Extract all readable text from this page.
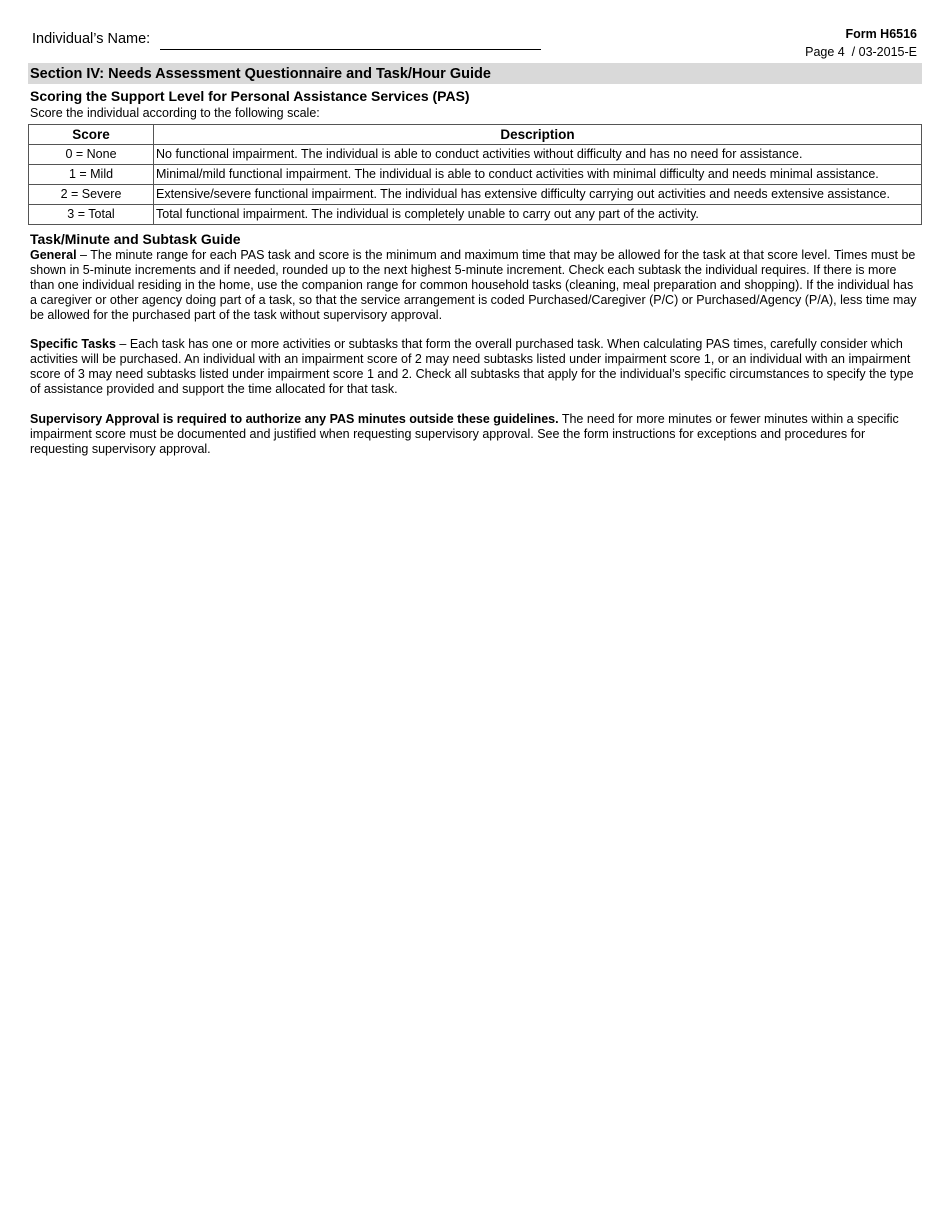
Individual’s Name:	Form H6516
Page 4  / 03-2015-E
Section IV: Needs Assessment Questionnaire and Task/Hour Guide
Scoring the Support Level for Personal Assistance Services (PAS)
Score the individual according to the following scale:
Score	Description
0 = None	No functional impairment. The individual is able to conduct activities without difficulty and has no need for assistance.
1 = Mild	Minimal/mild functional impairment. The individual is able to conduct activities with minimal difficulty and needs minimal assistance.
2 = Severe	Extensive/severe functional impairment. The individual has extensive difficulty carrying out activities and needs extensive assistance.
3 = Total	Total functional impairment. The individual is completely unable to carry out any part of the activity.
Task/Minute and Subtask Guide
General – The minute range for each PAS task and score is the minimum and maximum time that may be allowed for the task at that score level. Times must be shown in 5-minute increments and if needed, rounded up to the next highest 5-minute increment. Check each subtask the individual requires. If there is more than one individual residing in the home, use the companion range for common household tasks (cleaning, meal preparation and shopping). If the individual has a caregiver or other agency doing part of a task, so that the service arrangement is coded Purchased/Caregiver (P/C) or Purchased/Agency (P/A), less time may be allowed for the purchased part of the task without supervisory approval.
Specific Tasks – Each task has one or more activities or subtasks that form the overall purchased task. When calculating PAS times, carefully consider which activities will be purchased. An individual with an impairment score of 2 may need subtasks listed under impairment score 1, or an individual with an impairment score of 3 may need subtasks listed under impairment score 1 and 2. Check all subtasks that apply for the individual’s specific circumstances to specify the type of assistance provided and support the time allocated for that task.
Supervisory Approval is required to authorize any PAS minutes outside these guidelines. The need for more minutes or fewer minutes within a specific impairment score must be documented and justified when requesting supervisory approval. See the form instructions for exceptions and procedures for requesting supervisory approval.
